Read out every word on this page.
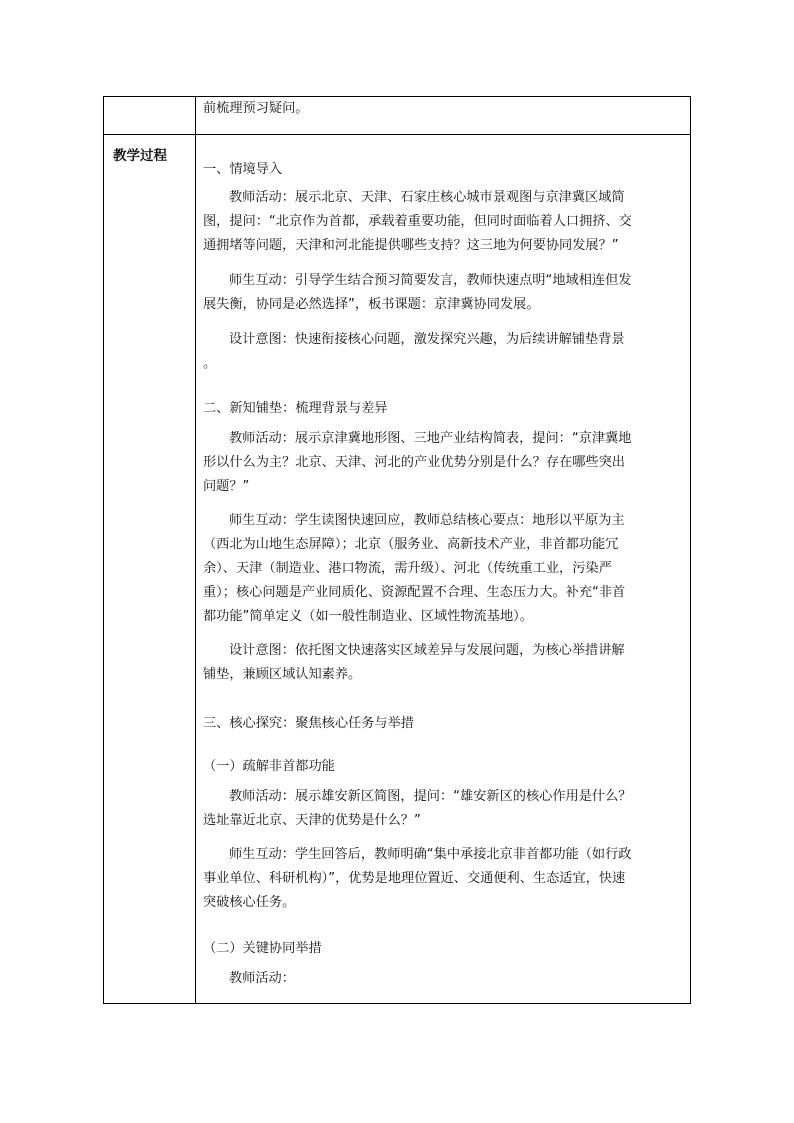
前梳理预习疑问。

教学过程

一、情境导入

教师活动：展示北京、天津、石家庄核心城市景观图与京津冀区域简

图，提问：“北京作为首都，承载着重要功能，但同时面临着人口拥挤、交

通拥堵等问题，天津和河北能提供哪些支持？这三地为何要协同发展？”

师生互动：引导学生结合预习简要发言，教师快速点明“地域相连但发

展失衡，协同是必然选择”，板书课题：京津冀协同发展。

设计意图：快速衔接核心问题，激发探究兴趣，为后续讲解铺垫背景

。

二、新知铺垫：梳理背景与差异

教师活动：展示京津冀地形图、三地产业结构简表，提问：“京津冀地

形以什么为主？北京、天津、河北的产业优势分别是什么？存在哪些突出

问题？”

师生互动：学生读图快速回应，教师总结核心要点：地形以平原为主

（西北为山地生态屏障）；北京（服务业、高新技术产业，非首都功能冗

余）、天津（制造业、港口物流，需升级）、河北（传统重工业，污染严

重）；核心问题是产业同质化、资源配置不合理、生态压力大。补充“非首

都功能”简单定义（如一般性制造业、区域性物流基地）。

设计意图：依托图文快速落实区域差异与发展问题，为核心举措讲解

铺垫，兼顾区域认知素养。

三、核心探究：聚焦核心任务与举措

（一）疏解非首都功能

教师活动：展示雄安新区简图，提问：“雄安新区的核心作用是什么？

选址靠近北京、天津的优势是什么？”

师生互动：学生回答后，教师明确“集中承接北京非首都功能（如行政

事业单位、科研机构）”，优势是地理位置近、交通便利、生态适宜，快速

突破核心任务。

（二）关键协同举措

教师活动：
